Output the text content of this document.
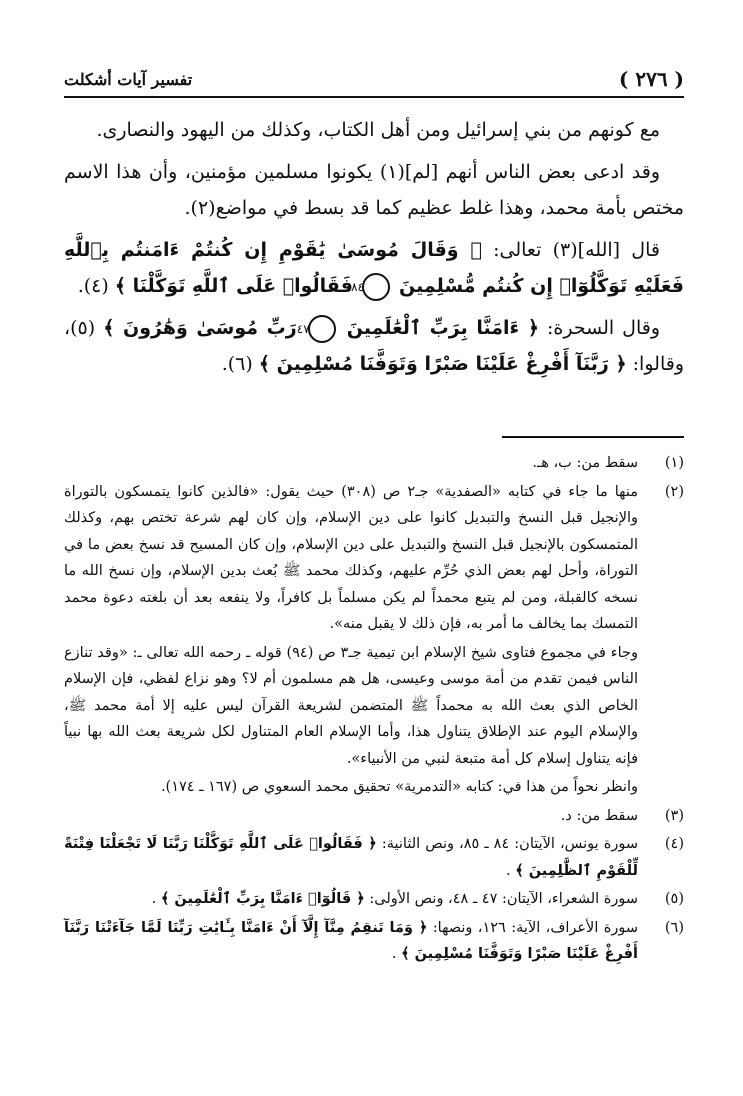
( ٢٧٦ )
تفسير آيات أشكلت

مع كونهم من بني إسرائيل ومن أهل الكتاب، وكذلك من اليهود والنصارى.

وقد ادعى بعض الناس أنهم [لم](١) يكونوا مسلمين مؤمنين، وأن هذا الاسم مختص بأمة محمد، وهذا غلط عظيم كما قد بسط في مواضع(٢).

قال [الله](٣) تعالى: ﴿ وَقَالَ مُوسَىٰ يَٰقَوْمِ إِن كُنتُمْ ءَامَنتُم بِٱللَّهِ فَعَلَيْهِ تَوَكَّلُوٓا۟ إِن كُنتُم مُّسْلِمِينَ ٨٤ فَقَالُوا۟ عَلَى ٱللَّهِ تَوَكَّلْنَا ﴾ (٤).

وقال السحرة: ﴿ ءَامَنَّا بِرَبِّ ٱلْعَٰلَمِينَ ٤٧ رَبِّ مُوسَىٰ وَهَٰرُونَ ﴾ (٥)، وقالوا: ﴿ رَبَّنَآ أَفْرِغْ عَلَيْنَا صَبْرًا وَتَوَفَّنَا مُسْلِمِينَ ﴾ (٦).

(١)
سقط من: ب، هـ.
(٢)
منها ما جاء في كتابه «الصفدية» جـ٢ ص (٣٠٨) حيث يقول: «فالذين كانوا يتمسكون بالتوراة والإنجيل قبل النسخ والتبديل كانوا على دين الإسلام، وإن كان لهم شرعة تختص بهم، وكذلك المتمسكون بالإنجيل قبل النسخ والتبديل على دين الإسلام، وإن كان المسيح قد نسخ بعض ما في التوراة، وأحل لهم بعض الذي حُرِّم عليهم، وكذلك محمد ﷺ بُعث بدين الإسلام، وإن نسخ الله ما نسخه كالقبلة، ومن لم يتبع محمداً لم يكن مسلماً بل كافراً، ولا ينفعه بعد أن بلغته دعوة محمد التمسك بما يخالف ما أمر به، فإن ذلك لا يقبل منه».
وجاء في مجموع فتاوى شيخ الإسلام ابن تيمية جـ٣ ص (٩٤) قوله ـ رحمه الله تعالى ـ: «وقد تنازع الناس فيمن تقدم من أمة موسى وعيسى، هل هم مسلمون أم لا؟ وهو نزاع لفظي، فإن الإسلام الخاص الذي بعث الله به محمداً ﷺ المتضمن لشريعة القرآن ليس عليه إلا أمة محمد ﷺ، والإسلام اليوم عند الإطلاق يتناول هذا، وأما الإسلام العام المتناول لكل شريعة بعث الله بها نبياً فإنه يتناول إسلام كل أمة متبعة لنبي من الأنبياء».
وانظر نحواً من هذا في: كتابه «التدمرية» تحقيق محمد السعوي ص (١٦٧ ـ ١٧٤).
(٣)
سقط من: د.
(٤)
سورة يونس، الآيتان: ٨٤ ـ ٨٥، ونص الثانية: ﴿ فَقَالُوا۟ عَلَى ٱللَّهِ تَوَكَّلْنَا رَبَّنَا لَا تَجْعَلْنَا فِتْنَةً لِّلْقَوْمِ ٱلظَّٰلِمِينَ ﴾ .
(٥)
سورة الشعراء، الآيتان: ٤٧ ـ ٤٨، ونص الأولى: ﴿ قَالُوٓا۟ ءَامَنَّا بِرَبِّ ٱلْعَٰلَمِينَ ﴾ .
(٦)
سورة الأعراف، الآية: ١٢٦، ونصها: ﴿ وَمَا تَنقِمُ مِنَّآ إِلَّآ أَنْ ءَامَنَّا بِـَٔايَٰتِ رَبِّنَا لَمَّا جَآءَتْنَا رَبَّنَآ أَفْرِغْ عَلَيْنَا صَبْرًا وَتَوَفَّنَا مُسْلِمِينَ ﴾ .
